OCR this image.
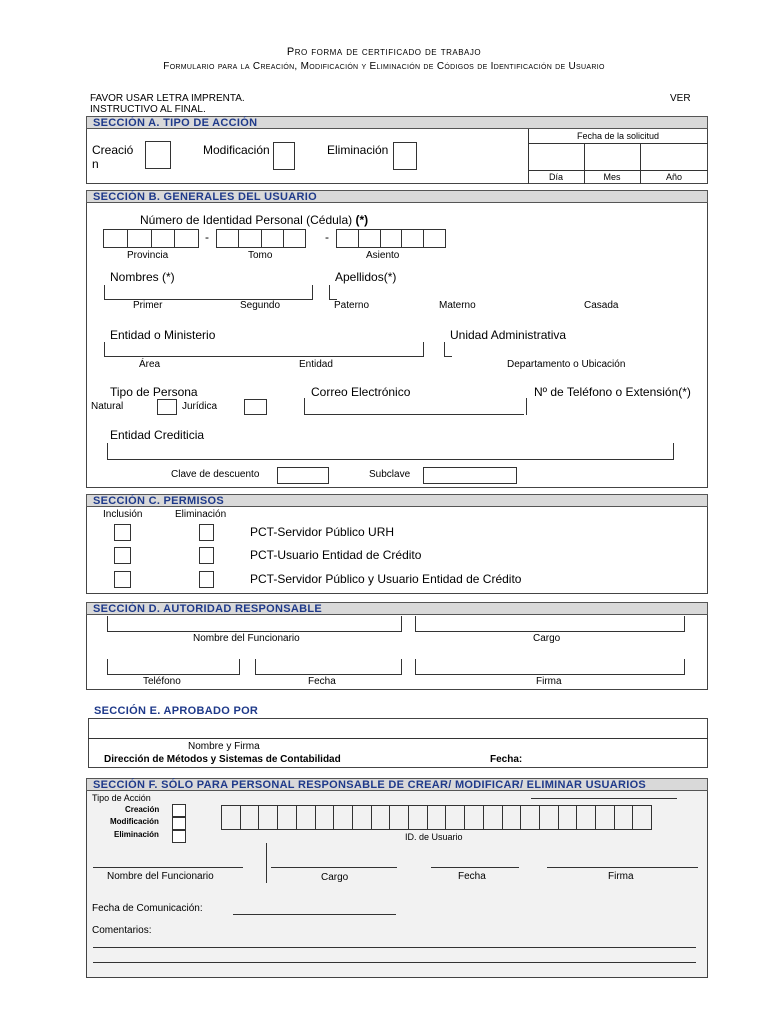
Pro forma de certificado de trabajo
Formulario para la Creación, Modificación y Eliminación de Códigos de Identificación de Usuario
FAVOR USAR LETRA IMPRENTA.
INSTRUCTIVO AL FINAL.
VER
SECCIÓN A. TIPO DE ACCIÓN
Creació
n
Modificación	Eliminación
Fecha de la solicitud
Día	Mes	Año
SECCIÓN B. GENERALES DEL USUARIO
Número de Identidad Personal (Cédula) (*)
-	-
Provincia	Tomo	Asiento
Nombres (*)	Apellidos(*)
Primer	Segundo	Paterno	Materno	Casada
Entidad o Ministerio	Unidad Administrativa
Área	Entidad	Departamento o Ubicación
Tipo de Persona	Correo Electrónico	Nº de Teléfono o Extensión(*)
Natural	Jurídica
Entidad Crediticia
Clave de descuento	Subclave
SECCIÓN C. PERMISOS
Inclusión	Eliminación
PCT-Servidor Público URH
PCT-Usuario Entidad de Crédito
PCT-Servidor Público y Usuario Entidad de Crédito
SECCIÓN D. AUTORIDAD RESPONSABLE
Nombre del Funcionario	Cargo
Teléfono	Fecha	Firma
SECCIÓN E. APROBADO POR
Nombre y Firma
Dirección de Métodos y Sistemas de Contabilidad	Fecha:
SECCIÓN F. SÓLO PARA PERSONAL RESPONSABLE DE CREAR/ MODIFICAR/ ELIMINAR USUARIOS
Tipo de Acción
Creación
Modificación
Eliminación	ID. de Usuario
Nombre del Funcionario	Cargo	Fecha	Firma
Fecha de Comunicación:
Comentarios:
